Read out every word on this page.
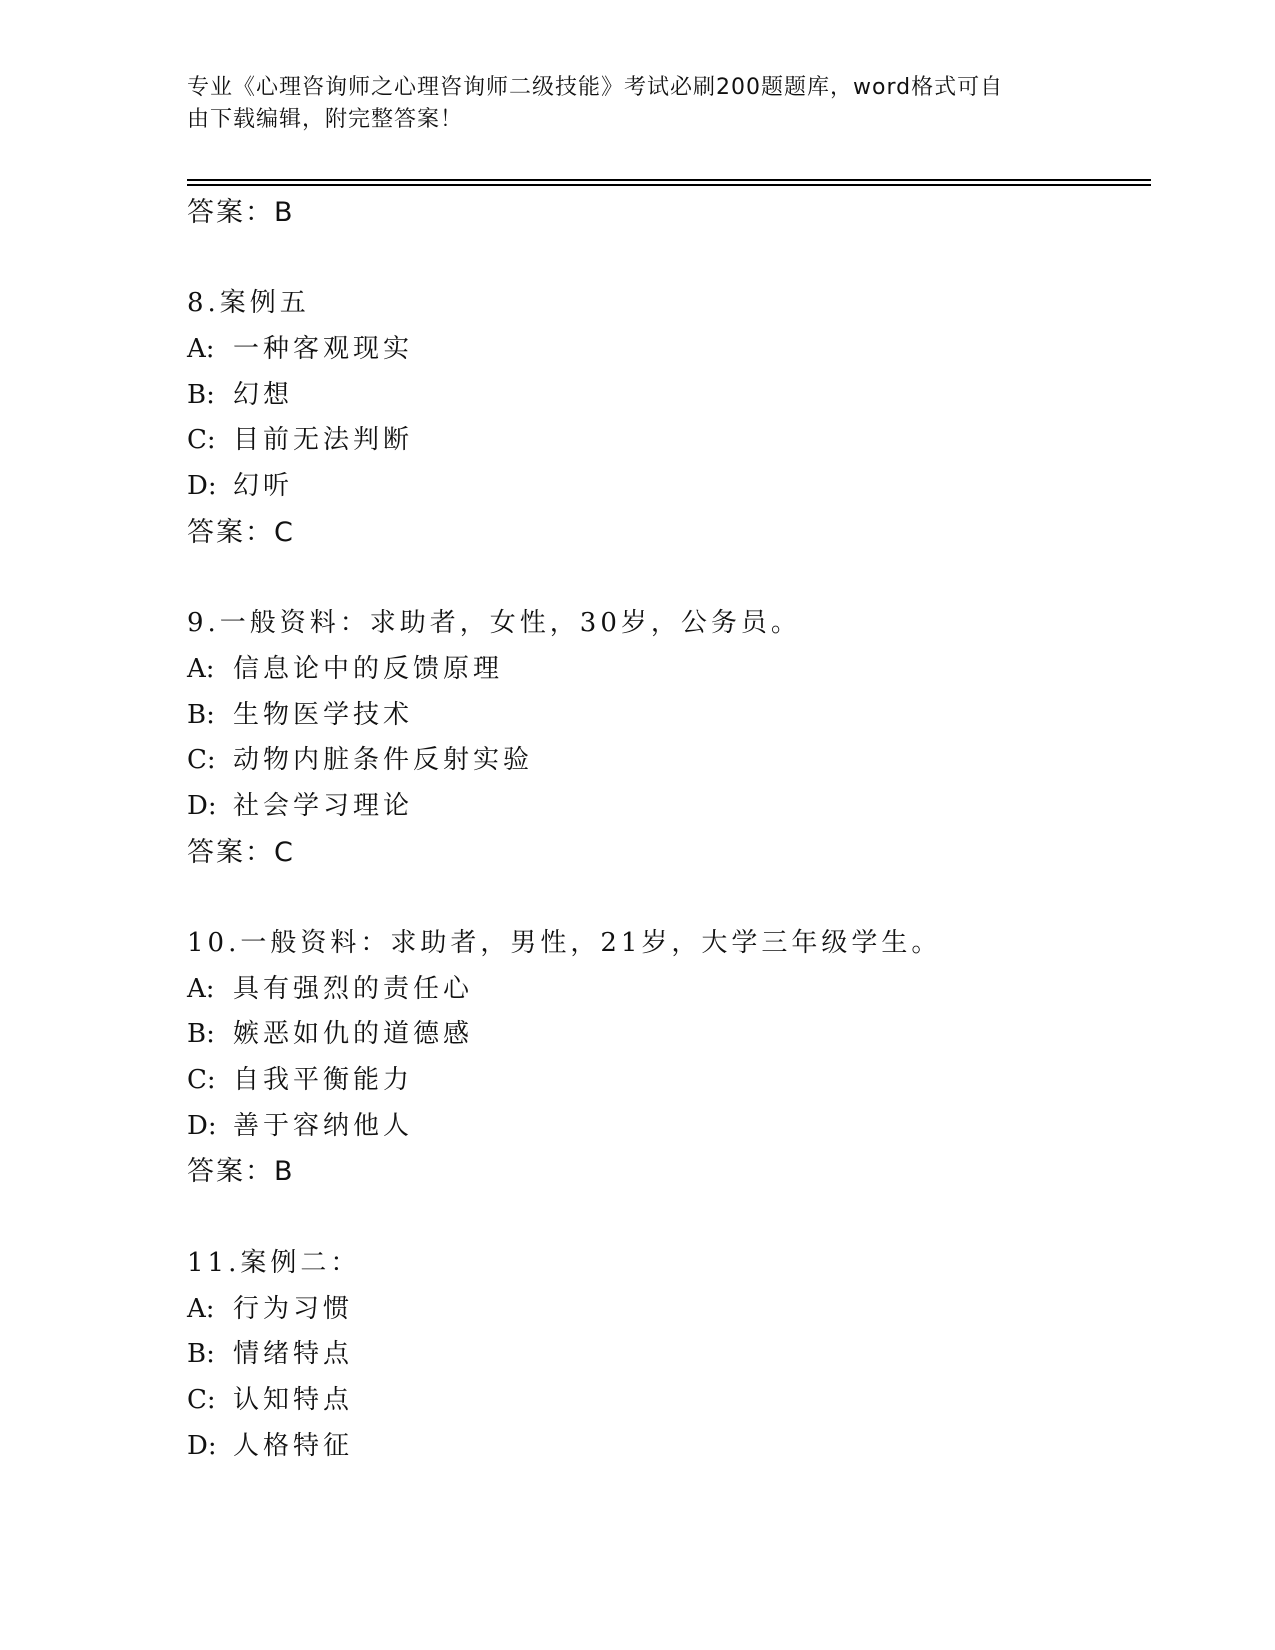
专业《心理咨询师之心理咨询师二级技能》考试必刷200题题库，word格式可自
由下载编辑，附完整答案！
答案：B
8.案例五
A: 一种客观现实
B: 幻想
C: 目前无法判断
D: 幻听
答案：C
9.一般资料：求助者，女性，30岁，公务员。
A: 信息论中的反馈原理
B: 生物医学技术
C: 动物内脏条件反射实验
D: 社会学习理论
答案：C
10.一般资料：求助者，男性，21岁，大学三年级学生。
A: 具有强烈的责任心
B: 嫉恶如仇的道德感
C: 自我平衡能力
D: 善于容纳他人
答案：B
11.案例二：
A: 行为习惯
B: 情绪特点
C: 认知特点
D: 人格特征
